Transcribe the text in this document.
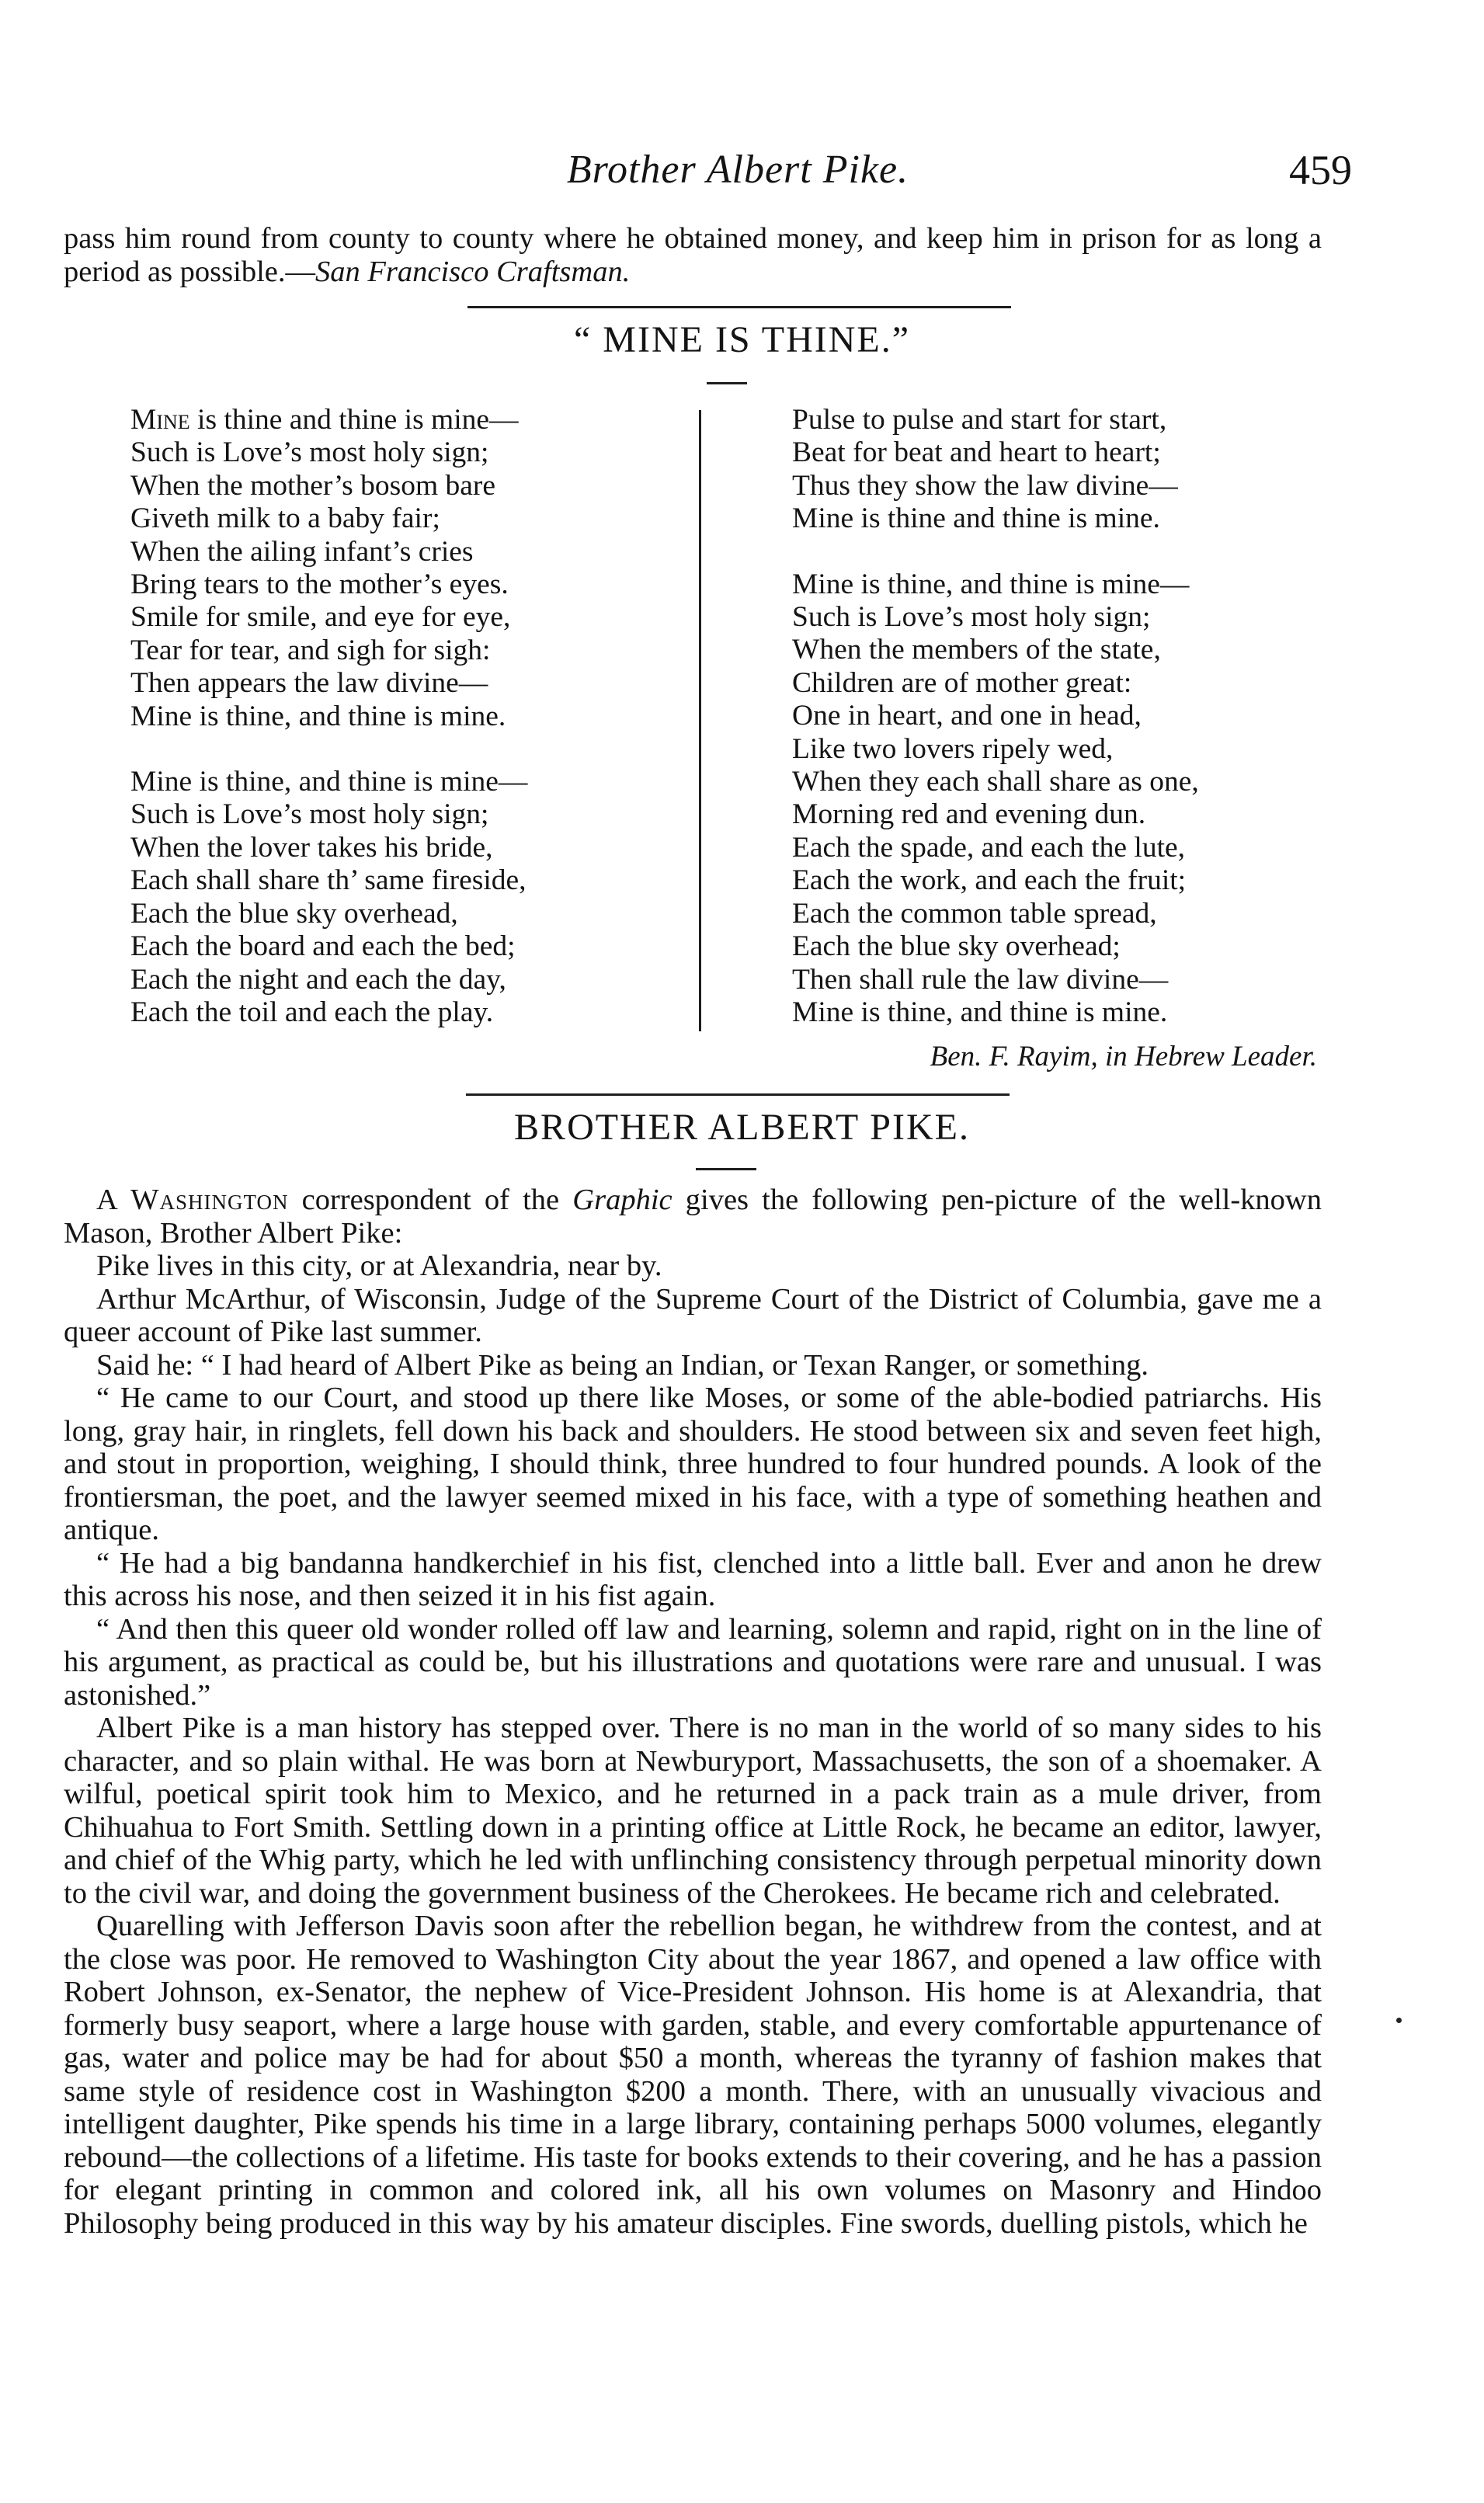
Brother Albert Pike.	459

pass him round from county to county where he obtained money, and keep him in prison for as long a period as possible.—San Francisco Craftsman.

“ MINE IS THINE.”
Mine is thine and thine is mine—
Such is Love’s most holy sign;
When the mother’s bosom bare
Giveth milk to a baby fair;
When the ailing infant’s cries
Bring tears to the mother’s eyes.
Smile for smile, and eye for eye,
Tear for tear, and sigh for sigh:
Then appears the law divine—
Mine is thine, and thine is mine.
Mine is thine, and thine is mine—
Such is Love’s most holy sign;
When the lover takes his bride,
Each shall share th’ same fireside,
Each the blue sky overhead,
Each the board and each the bed;
Each the night and each the day,
Each the toil and each the play.
Pulse to pulse and start for start,
Beat for beat and heart to heart;
Thus they show the law divine—
Mine is thine and thine is mine.
Mine is thine, and thine is mine—
Such is Love’s most holy sign;
When the members of the state,
Children are of mother great:
One in heart, and one in head,
Like two lovers ripely wed,
When they each shall share as one,
Morning red and evening dun.
Each the spade, and each the lute,
Each the work, and each the fruit;
Each the common table spread,
Each the blue sky overhead;
Then shall rule the law divine—
Mine is thine, and thine is mine.
Ben. F. Rayim, in Hebrew Leader.
BROTHER ALBERT PIKE.

A Washington correspondent of the Graphic gives the following pen-picture of the well-known Mason, Brother Albert Pike:

Pike lives in this city, or at Alexandria, near by.

Arthur McArthur, of Wisconsin, Judge of the Supreme Court of the District of Columbia, gave me a queer account of Pike last summer.

Said he: “ I had heard of Albert Pike as being an Indian, or Texan Ranger, or something.

“ He came to our Court, and stood up there like Moses, or some of the able-bodied patriarchs. His long, gray hair, in ringlets, fell down his back and shoulders. He stood between six and seven feet high, and stout in proportion, weighing, I should think, three hundred to four hundred pounds. A look of the frontiersman, the poet, and the lawyer seemed mixed in his face, with a type of something heathen and antique.

“ He had a big bandanna handkerchief in his fist, clenched into a little ball. Ever and anon he drew this across his nose, and then seized it in his fist again.

“ And then this queer old wonder rolled off law and learning, solemn and rapid, right on in the line of his argument, as practical as could be, but his illustrations and quotations were rare and unusual. I was astonished.”

Albert Pike is a man history has stepped over. There is no man in the world of so many sides to his character, and so plain withal. He was born at Newburyport, Massachusetts, the son of a shoemaker. A wilful, poetical spirit took him to Mexico, and he returned in a pack train as a mule driver, from Chihuahua to Fort Smith. Settling down in a printing office at Little Rock, he became an editor, lawyer, and chief of the Whig party, which he led with unflinching consistency through perpetual minority down to the civil war, and doing the government business of the Cherokees. He became rich and celebrated.

Quarelling with Jefferson Davis soon after the rebellion began, he withdrew from the contest, and at the close was poor. He removed to Washington City about the year 1867, and opened a law office with Robert Johnson, ex-Senator, the nephew of Vice-President Johnson. His home is at Alexandria, that formerly busy seaport, where a large house with garden, stable, and every comfortable appurtenance of gas, water and police may be had for about $50 a month, whereas the tyranny of fashion makes that same style of residence cost in Washington $200 a month. There, with an unusually vivacious and intelligent daughter, Pike spends his time in a large library, containing perhaps 5000 volumes, elegantly rebound—the collections of a lifetime. His taste for books extends to their covering, and he has a passion for elegant printing in common and colored ink, all his own volumes on Masonry and Hindoo Philosophy being produced in this way by his amateur disciples. Fine swords, duelling pistols, which he
